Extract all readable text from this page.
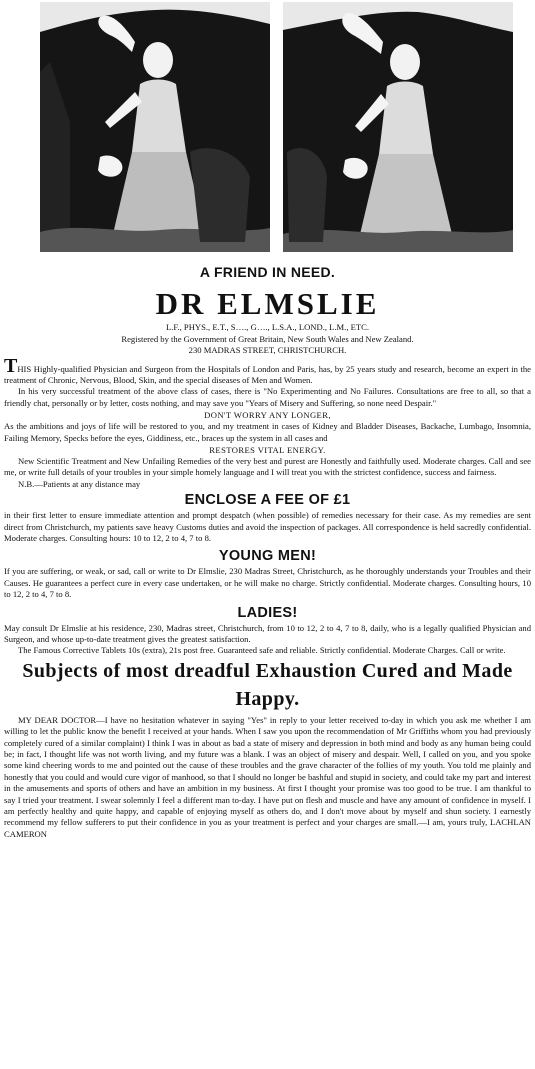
A FRIEND IN NEED.

DR ELMSLIE

L.F., PHYS., E.T., S…., G…., L.S.A., LOND., L.M., ETC.

Registered by the Government of Great Britain, New South Wales and New Zealand.

230 MADRAS STREET, CHRISTCHURCH.

THIS Highly-qualified Physician and Surgeon from the Hospitals of London and Paris, has, by 25 years study and research, become an expert in the treatment of Chronic, Nervous, Blood, Skin, and the special diseases of Men and Women.

In his very successful treatment of the above class of cases, there is "No Experimenting and No Failures. Consultations are free to all, so that a friendly chat, personally or by letter, costs nothing, and may save you "Years of Misery and Suffering, so none need Despair."

DON'T WORRY ANY LONGER,

As the ambitions and joys of life will be restored to you, and my treatment in cases of Kidney and Bladder Diseases, Backache, Lumbago, Insomnia, Failing Memory, Specks before the eyes, Giddiness, etc., braces up the system in all cases and

RESTORES VITAL ENERGY.

New Scientific Treatment and New Unfailing Remedies of the very best and purest are Honestly and faithfully used. Moderate charges. Call and see me, or write full details of your troubles in your simple homely language and I will treat you with the strictest confidence, success and fairness.

N.B.—Patients at any distance may

ENCLOSE A FEE OF £1

in their first letter to ensure immediate attention and prompt despatch (when possible) of remedies necessary for their case. As my remedies are sent direct from Christchurch, my patients save heavy Customs duties and avoid the inspection of packages. All correspondence is held sacredly confidential. Moderate charges. Consulting hours: 10 to 12, 2 to 4, 7 to 8.

YOUNG MEN!

If you are suffering, or weak, or sad, call or write to Dr Elmslie, 230 Madras Street, Christchurch, as he thoroughly understands your Troubles and their Causes. He guarantees a perfect cure in every case undertaken, or he will make no charge. Strictly confidential. Moderate charges. Consulting hours, 10 to 12, 2 to 4, 7 to 8.

LADIES!

May consult Dr Elmslie at his residence, 230, Madras street, Christchurch, from 10 to 12, 2 to 4, 7 to 8, daily, who is a legally qualified Physician and Surgeon, and whose up-to-date treatment gives the greatest satisfaction.

The Famous Corrective Tablets 10s (extra), 21s post free. Guaranteed safe and reliable. Strictly confidential. Moderate Charges. Call or write.

Subjects of most dreadful Exhaustion Cured and Made Happy.

MY DEAR DOCTOR—I have no hesitation whatever in saying "Yes" in reply to your letter received to-day in which you ask me whether I am willing to let the public know the benefit I received at your hands. When I saw you upon the recommendation of Mr Griffiths whom you had previously completely cured of a similar complaint) I think I was in about as bad a state of misery and depression in both mind and body as any human being could be; in fact, I thought life was not worth living, and my future was a blank. I was an object of misery and despair. Well, I called on you, and you spoke some kind cheering words to me and pointed out the cause of these troubles and the grave character of the follies of my youth. You told me plainly and honestly that you could and would cure vigor of manhood, so that I should no longer be bashful and stupid in society, and could take my part and interest in the amusements and sports of others and have an ambition in my business. At first I thought your promise was too good to be true. I am thankful to say I tried your treatment. I swear solemnly I feel a different man to-day. I have put on flesh and muscle and have any amount of confidence in myself. I am perfectly healthy and quite happy, and capable of enjoying myself as others do, and I don't move about by myself and shun society. I earnestly recommend my fellow sufferers to put their confidence in you as your treatment is perfect and your charges are small.—I am, yours truly, LACHLAN CAMERON
